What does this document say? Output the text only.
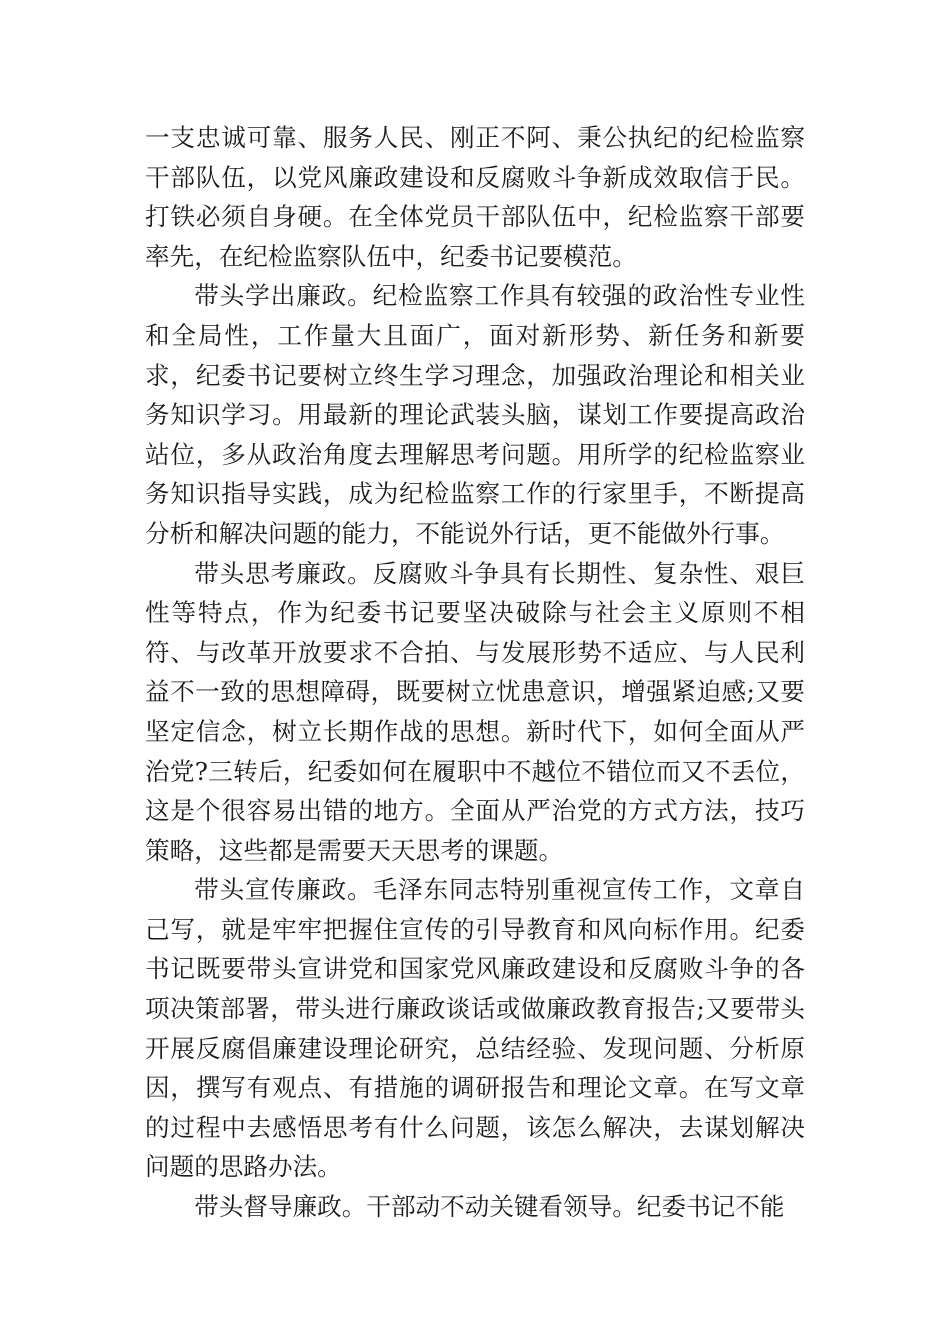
一支忠诚可靠、服务人民、刚正不阿、秉公执纪的纪检监察干部队伍，以党风廉政建设和反腐败斗争新成效取信于民。打铁必须自身硬。在全体党员干部队伍中，纪检监察干部要率先，在纪检监察队伍中，纪委书记要模范。

带头学出廉政。纪检监察工作具有较强的政治性专业性和全局性，工作量大且面广，面对新形势、新任务和新要求，纪委书记要树立终生学习理念，加强政治理论和相关业务知识学习。用最新的理论武装头脑，谋划工作要提高政治站位，多从政治角度去理解思考问题。用所学的纪检监察业务知识指导实践，成为纪检监察工作的行家里手，不断提高分析和解决问题的能力，不能说外行话，更不能做外行事。

带头思考廉政。反腐败斗争具有长期性、复杂性、艰巨性等特点，作为纪委书记要坚决破除与社会主义原则不相符、与改革开放要求不合拍、与发展形势不适应、与人民利益不一致的思想障碍，既要树立忧患意识，增强紧迫感;又要坚定信念，树立长期作战的思想。新时代下，如何全面从严治党?三转后，纪委如何在履职中不越位不错位而又不丢位，这是个很容易出错的地方。全面从严治党的方式方法，技巧策略，这些都是需要天天思考的课题。

带头宣传廉政。毛泽东同志特别重视宣传工作，文章自己写，就是牢牢把握住宣传的引导教育和风向标作用。纪委书记既要带头宣讲党和国家党风廉政建设和反腐败斗争的各项决策部署，带头进行廉政谈话或做廉政教育报告;又要带头开展反腐倡廉建设理论研究，总结经验、发现问题、分析原因，撰写有观点、有措施的调研报告和理论文章。在写文章的过程中去感悟思考有什么问题，该怎么解决，去谋划解决问题的思路办法。

带头督导廉政。干部动不动关键看领导。纪委书记不能
